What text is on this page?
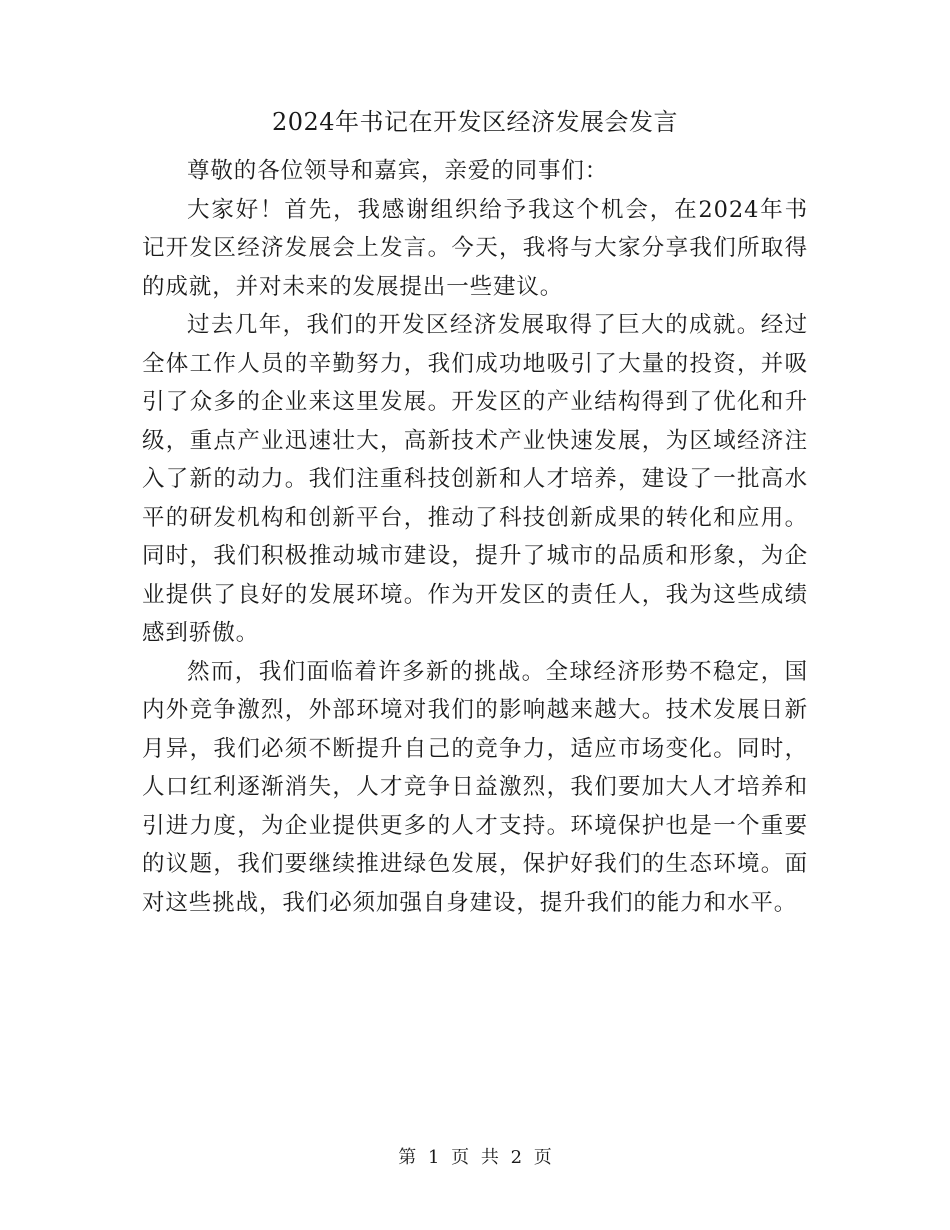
2024年书记在开发区经济发展会发言

尊敬的各位领导和嘉宾，亲爱的同事们：

大家好！首先，我感谢组织给予我这个机会，在2024年书记开发区经济发展会上发言。今天，我将与大家分享我们所取得的成就，并对未来的发展提出一些建议。

过去几年，我们的开发区经济发展取得了巨大的成就。经过全体工作人员的辛勤努力，我们成功地吸引了大量的投资，并吸引了众多的企业来这里发展。开发区的产业结构得到了优化和升级，重点产业迅速壮大，高新技术产业快速发展，为区域经济注入了新的动力。我们注重科技创新和人才培养，建设了一批高水平的研发机构和创新平台，推动了科技创新成果的转化和应用。同时，我们积极推动城市建设，提升了城市的品质和形象，为企业提供了良好的发展环境。作为开发区的责任人，我为这些成绩感到骄傲。

然而，我们面临着许多新的挑战。全球经济形势不稳定，国内外竞争激烈，外部环境对我们的影响越来越大。技术发展日新月异，我们必须不断提升自己的竞争力，适应市场变化。同时，人口红利逐渐消失，人才竞争日益激烈，我们要加大人才培养和引进力度，为企业提供更多的人才支持。环境保护也是一个重要的议题，我们要继续推进绿色发展，保护好我们的生态环境。面对这些挑战，我们必须加强自身建设，提升我们的能力和水平。

第 1 页 共 2 页
